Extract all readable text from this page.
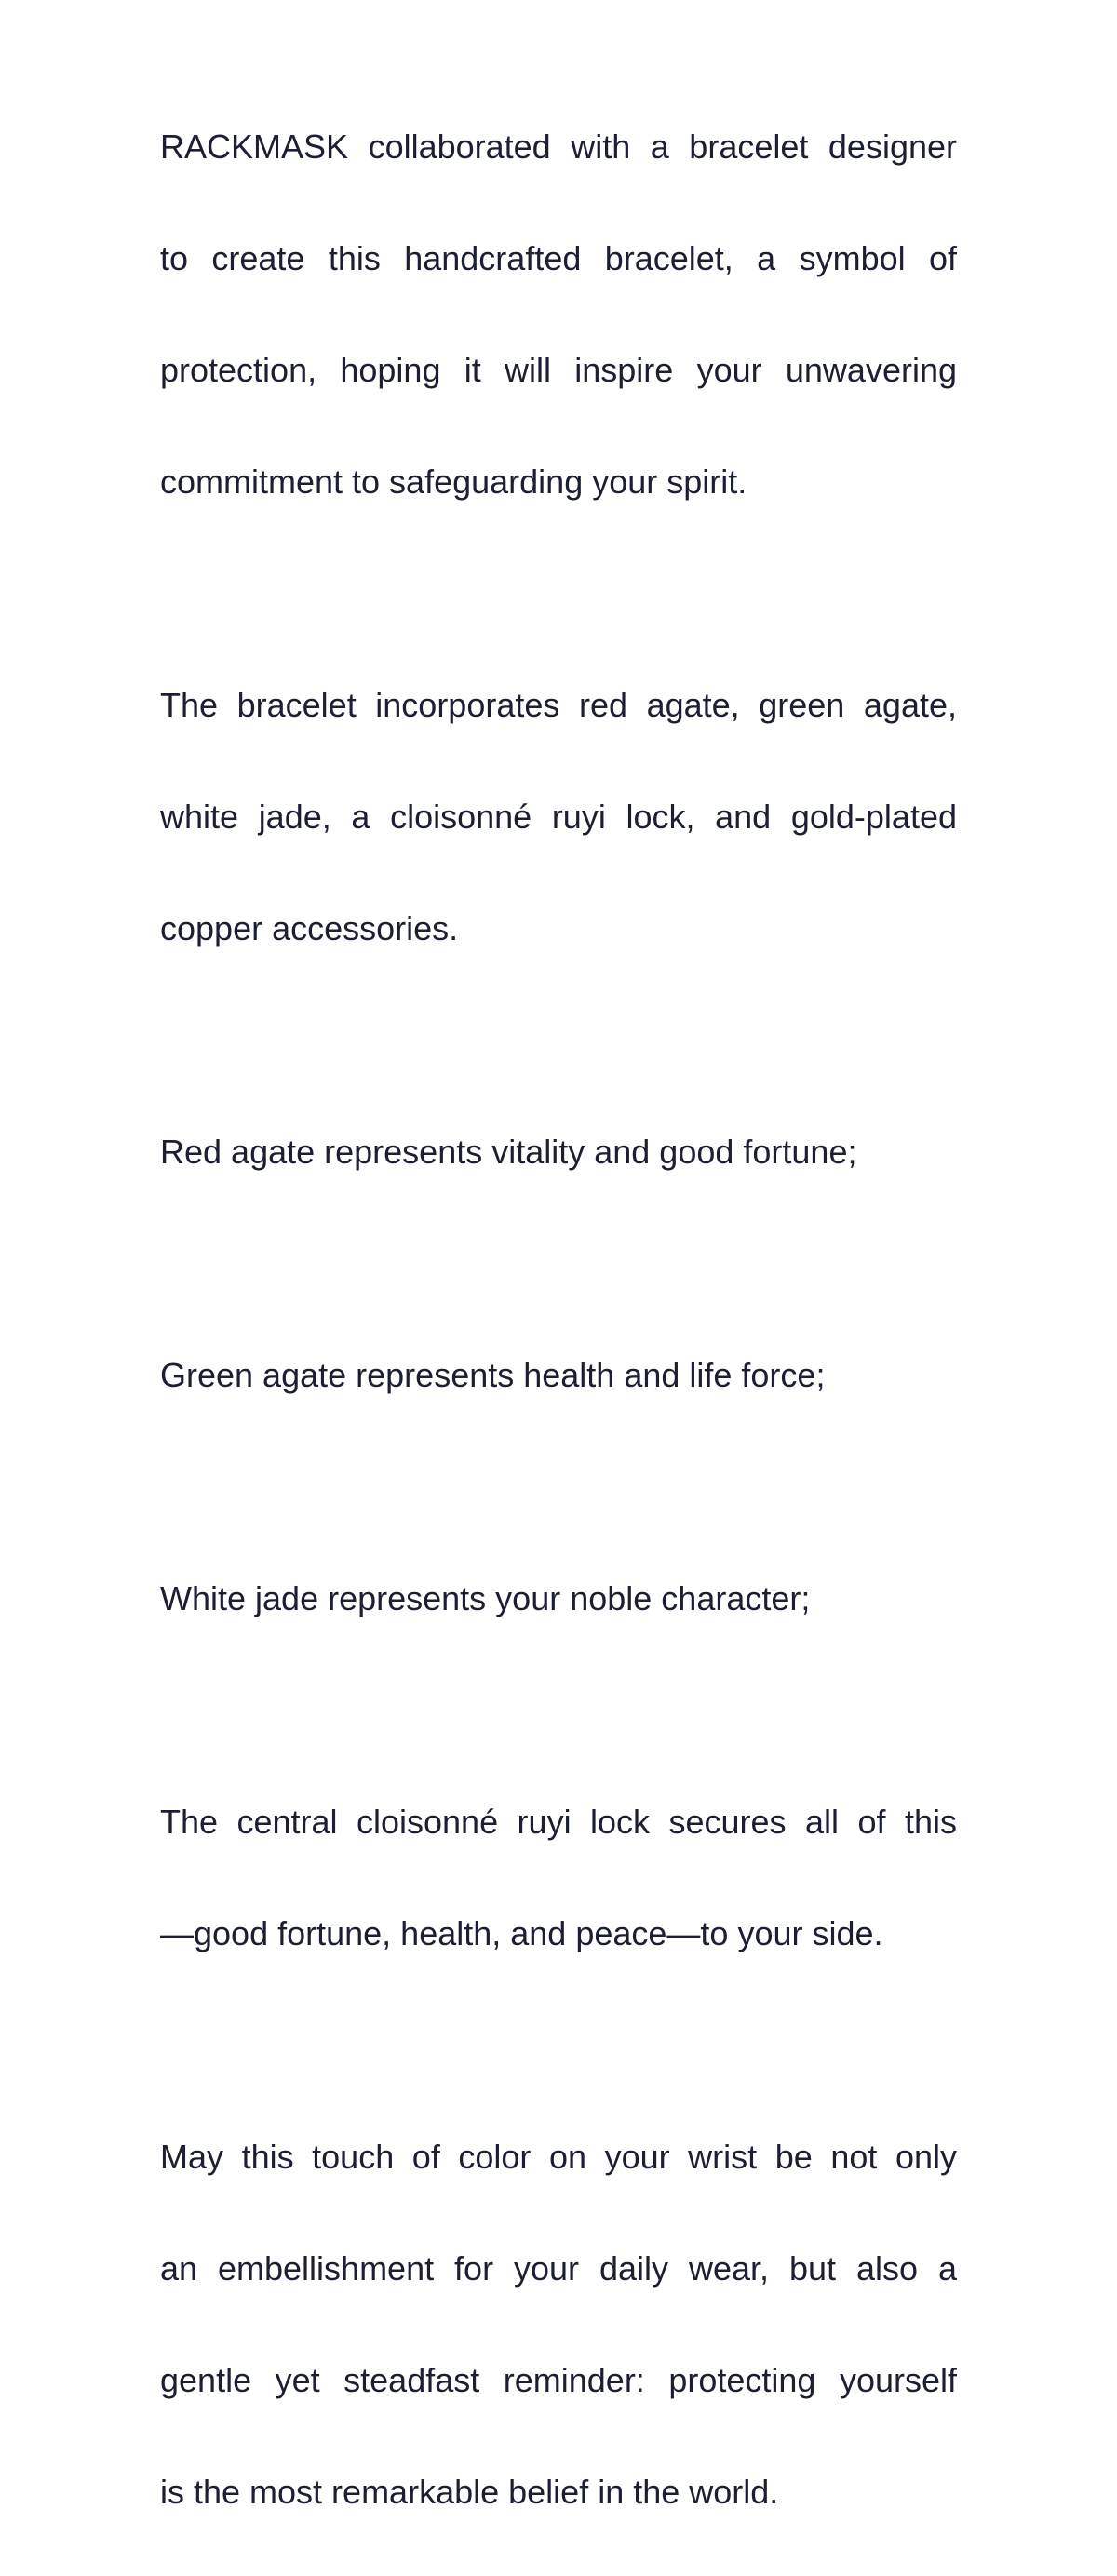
RACKMASK collaborated with a bracelet designer

to create this handcrafted bracelet, a symbol of

protection, hoping it will inspire your unwavering

commitment to safeguarding your spirit.

The bracelet incorporates red agate, green agate,

white jade, a cloisonné ruyi lock, and gold-plated

copper accessories.

Red agate represents vitality and good fortune;

Green agate represents health and life force;

White jade represents your noble character;

The central cloisonné ruyi lock secures all of this

—good fortune, health, and peace—to your side.

May this touch of color on your wrist be not only

an embellishment for your daily wear, but also a

gentle yet steadfast reminder: protecting yourself

is the most remarkable belief in the world.
